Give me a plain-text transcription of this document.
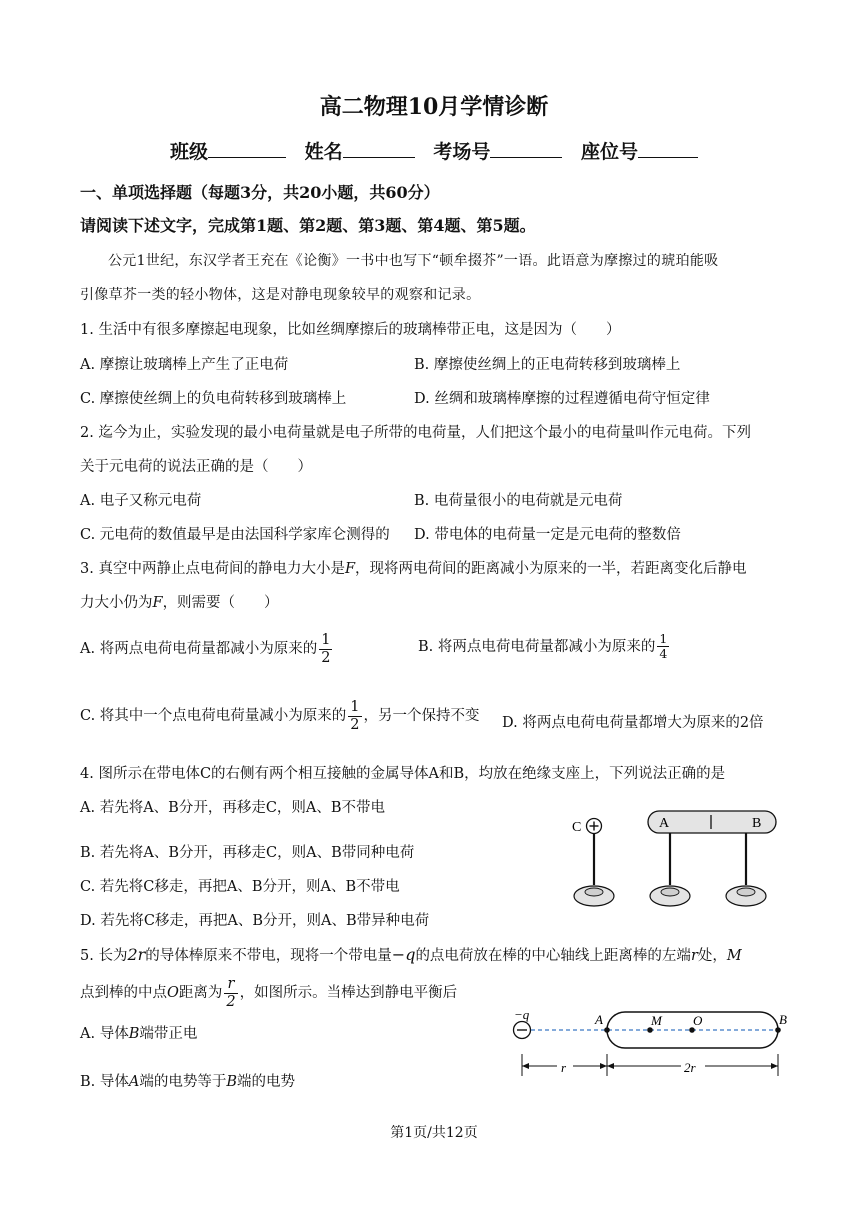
高二物理10月学情诊断
班级	姓名	考场号	座位号
一、单项选择题（每题3分，共20小题，共60分）
请阅读下述文字，完成第1题、第2题、第3题、第4题、第5题。
公元1世纪，东汉学者王充在《论衡》一书中也写下“顿牟掇芥”一语。此语意为摩擦过的琥珀能吸
引像草芥一类的轻小物体，这是对静电现象较早的观察和记录。
1. 生活中有很多摩擦起电现象，比如丝绸摩擦后的玻璃棒带正电，这是因为（　　）
A. 摩擦让玻璃棒上产生了正电荷	B. 摩擦使丝绸上的正电荷转移到玻璃棒上
C. 摩擦使丝绸上的负电荷转移到玻璃棒上	D. 丝绸和玻璃棒摩擦的过程遵循电荷守恒定律
2. 迄今为止，实验发现的最小电荷量就是电子所带的电荷量，人们把这个最小的电荷量叫作元电荷。下列
关于元电荷的说法正确的是（　　）
A. 电子又称元电荷	B. 电荷量很小的电荷就是元电荷
C. 元电荷的数值最早是由法国科学家库仑测得的 D. 带电体的电荷量一定是元电荷的整数倍
3. 真空中两静止点电荷间的静电力大小是F，现将两电荷间的距离减小为原来的一半，若距离变化后静电
力大小仍为F，则需要（　　）
A. 将两点电荷电荷量都减小为原来的 $\frac{1}{2}$	B. 将两点电荷电荷量都减小为原来的 $\frac{1}{4}$
C. 将其中一个点电荷电荷量减小为原来的 $\frac{1}{2}$ ，另一个保持不变 D. 将两点电荷电荷量都增大为原来的2倍
4. 图所示在带电体C的右侧有两个相互接触的金属导体A和B，均放在绝缘支座上，下列说法正确的是
A. 若先将A、B分开，再移走C，则A、B不带电
B. 若先将A、B分开，再移走C，则A、B带同种电荷
C. 若先将C移走，再把A、B分开，则A、B不带电
D. 若先将C移走，再把A、B分开，则A、B带异种电荷
C	A	B
5. 长为2r的导体棒原来不带电，现将一个带电量−q的点电荷放在棒的中心轴线上距离棒的左端r处，M
点到棒的中点O距离为 $\frac{r}{2}$ ，如图所示。当棒达到静电平衡后
A. 导体B端带正电
B. 导体A端的电势等于B端的电势
−q	A	M O	B
r	2r
第1页/共12页
